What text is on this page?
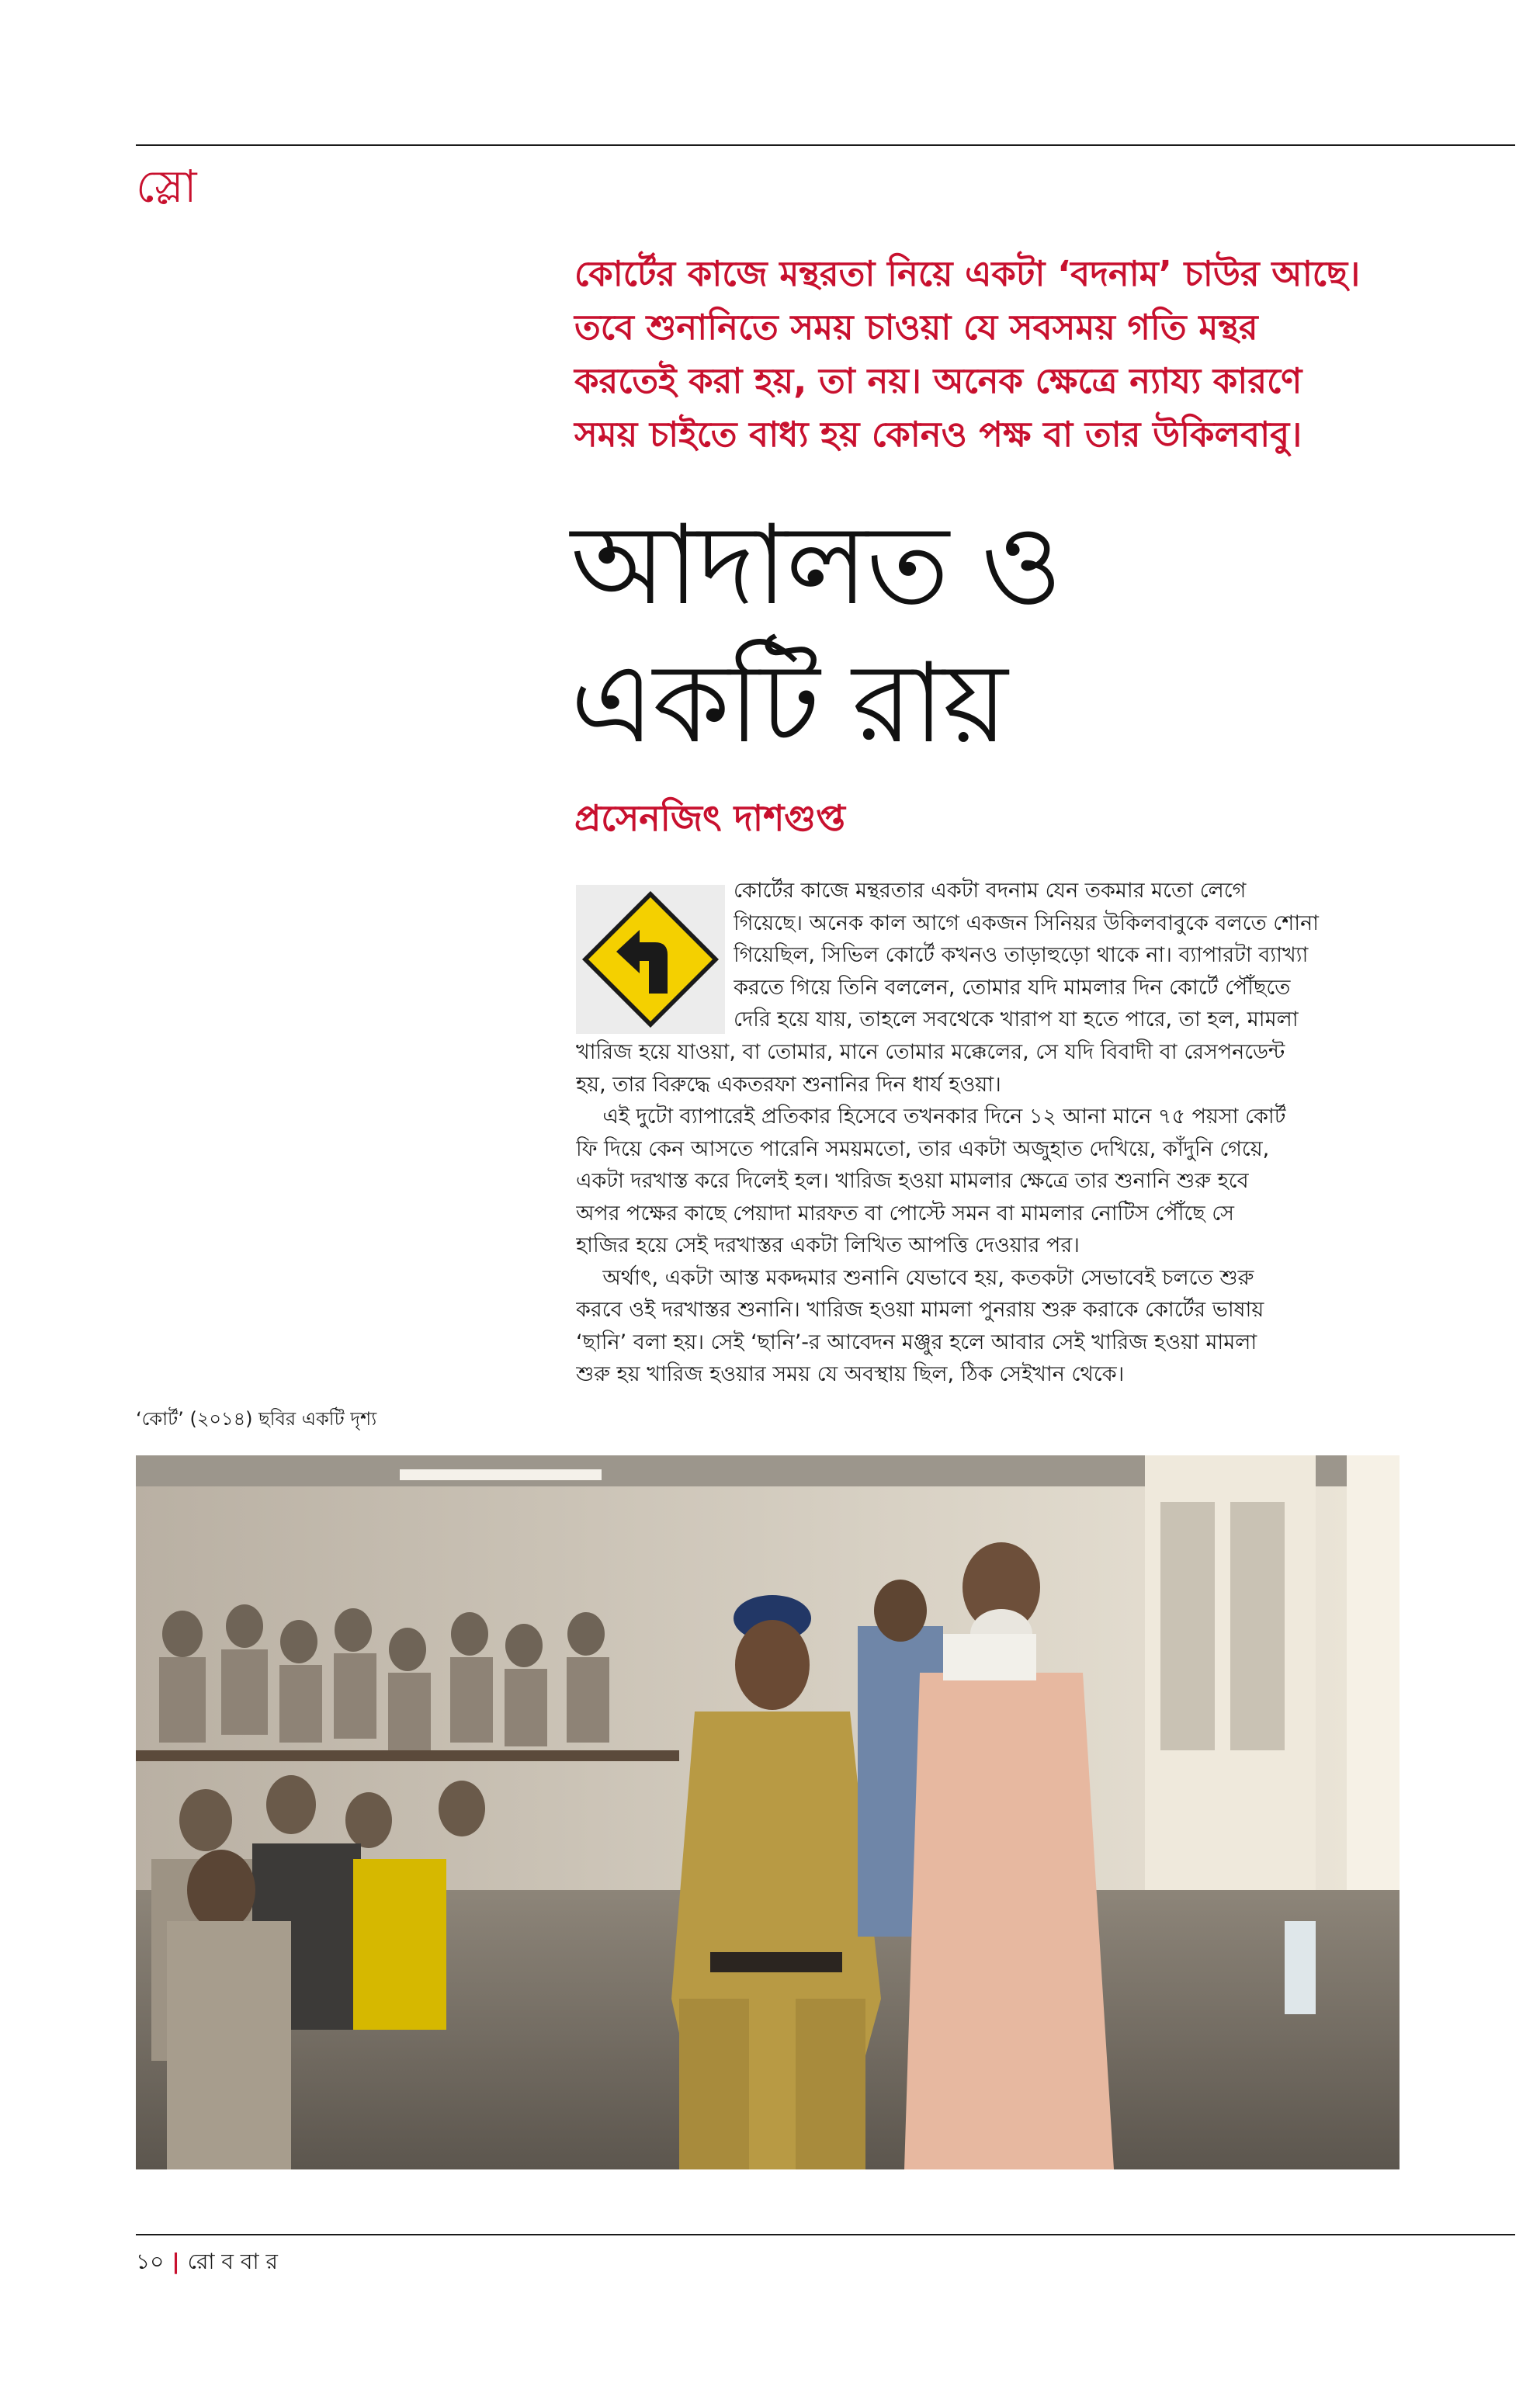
স্লো
কোর্টের কাজে মন্থরতা নিয়ে একটা ‘বদনাম’ চাউর আছে।
তবে শুনানিতে সময় চাওয়া যে সবসময় গতি মন্থর
করতেই করা হয়, তা নয়। অনেক ক্ষেত্রে ন্যায্য কারণে
সময় চাইতে বাধ্য হয় কোনও পক্ষ বা তার উকিলবাবু।
আদালত ও
একটি রায়
প্রসেনজিৎ দাশগুপ্ত

কোর্টের কাজে মন্থরতার একটা বদনাম যেন তকমার মতো লেগে

গিয়েছে। অনেক কাল আগে একজন সিনিয়র উকিলবাবুকে বলতে শোনা

গিয়েছিল, সিভিল কোর্টে কখনও তাড়াহুড়ো থাকে না। ব্যাপারটা ব্যাখ্যা

করতে গিয়ে তিনি বললেন, তোমার যদি মামলার দিন কোর্টে পৌঁছতে

দেরি হয়ে যায়, তাহলে সবথেকে খারাপ যা হতে পারে, তা হল, মামলা

খারিজ হয়ে যাওয়া, বা তোমার, মানে তোমার মক্কেলের, সে যদি বিবাদী বা রেসপনডেন্ট

হয়, তার বিরুদ্ধে একতরফা শুনানির দিন ধার্য হওয়া।

এই দুটো ব্যাপারেই প্রতিকার হিসেবে তখনকার দিনে ১২ আনা মানে ৭৫ পয়সা কোর্ট

ফি দিয়ে কেন আসতে পারেনি সময়মতো, তার একটা অজুহাত দেখিয়ে, কাঁদুনি গেয়ে,

একটা দরখাস্ত করে দিলেই হল। খারিজ হওয়া মামলার ক্ষেত্রে তার শুনানি শুরু হবে

অপর পক্ষের কাছে পেয়াদা মারফত বা পোস্টে সমন বা মামলার নোটিস পৌঁছে সে

হাজির হয়ে সেই দরখাস্তর একটা লিখিত আপত্তি দেওয়ার পর।

অর্থাৎ, একটা আস্ত মকদ্দমার শুনানি যেভাবে হয়, কতকটা সেভাবেই চলতে শুরু

করবে ওই দরখাস্তর শুনানি। খারিজ হওয়া মামলা পুনরায় শুরু করাকে কোর্টের ভাষায়

‘ছানি’ বলা হয়। সেই ‘ছানি’-র আবেদন মঞ্জুর হলে আবার সেই খারিজ হওয়া মামলা

শুরু হয় খারিজ হওয়ার সময় যে অবস্থায় ছিল, ঠিক সেইখান থেকে।

‘কোর্ট’ (২০১৪) ছবির একটি দৃশ্য
১০ | রো ব বা র
